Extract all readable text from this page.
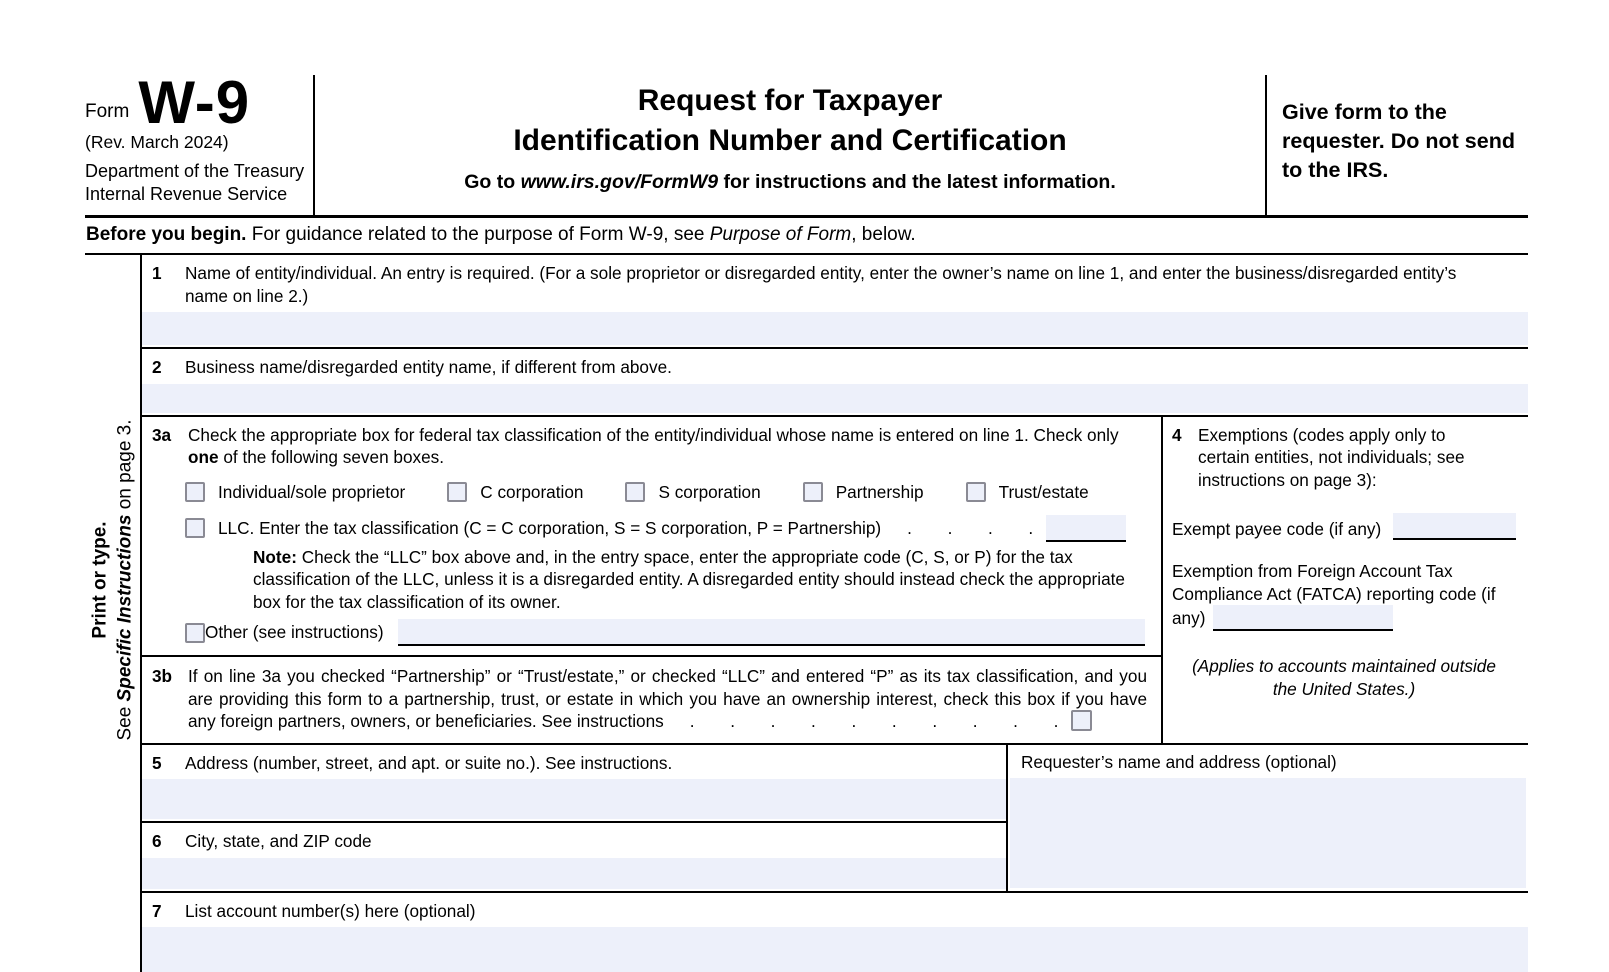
Form W-9
(Rev. March 2024)
Department of the Treasury
Internal Revenue Service
Request for Taxpayer
Identification Number and Certification
Go to www.irs.gov/FormW9 for instructions and the latest information.
Give form to the requester. Do not send to the IRS.
Before you begin. For guidance related to the purpose of Form W-9, see Purpose of Form, below.
Print or type.
See Specific Instructions on page 3.
1	Name of entity/individual. An entry is required. (For a sole proprietor or disregarded entity, enter the owner’s name on line 1, and enter the business/disregarded entity’s name on line 2.)
2	Business name/disregarded entity name, if different from above.
3a Check the appropriate box for federal tax classification of the entity/individual whose name is entered on line 1. Check only one of the following seven boxes.
Individual/sole proprietor	C corporation	S corporation	Partnership	Trust/estate
LLC. Enter the tax classification (C = C corporation, S = S corporation, P = Partnership) .      .      .      .
Note: Check the “LLC” box above and, in the entry space, enter the appropriate code (C, S, or P) for the tax classification of the LLC, unless it is a disregarded entity. A disregarded entity should instead check the appropriate box for the tax classification of its owner.
Other (see instructions)
3b If on line 3a you checked “Partnership” or “Trust/estate,” or checked “LLC” and entered “P” as its tax classification, and you are providing this form to a partnership, trust, or estate in which you have an ownership interest, check this box if you have any foreign partners, owners, or beneficiaries. See instructions .      .      .      .      .      .      .      .      .      .
4 Exemptions (codes apply only to certain entities, not individuals; see instructions on page 3):
Exempt payee code (if any)
Exemption from Foreign Account Tax Compliance Act (FATCA) reporting code (if any)
(Applies to accounts maintained outside the United States.)
5	Address (number, street, and apt. or suite no.). See instructions.
6	City, state, and ZIP code
Requester’s name and address (optional)
7	List account number(s) here (optional)
